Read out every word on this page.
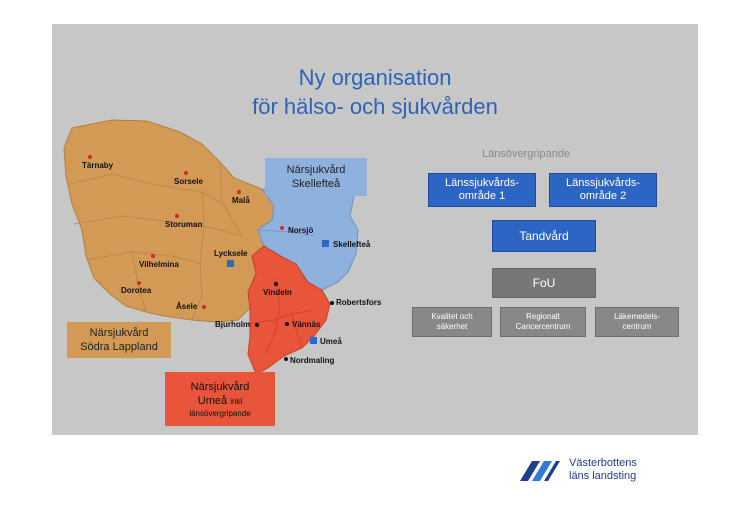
Ny organisation
för hälso- och sjukvården
Tärnaby
Sorsele
Malå
Storuman
Norsjö
Skellefteå
Lycksele
Vilhelmina
Dorotea
Åsele
Vindeln
Robertsfors
Bjurholm	Vännäs
Umeå
Nordmaling
Närsjukvård
Skellefteå
Närsjukvård
Södra Lappland
Närsjukvård
Umeå inkl
länsövergripande
Länsövergripande
Länssjukvårds-
område 1
Länssjukvårds-
område 2
Tandvård
FoU
Kvalitet och
säkerhet
Regionalt
Cancercentrum
Läkemedels-
centrum
Västerbottens
läns landsting
